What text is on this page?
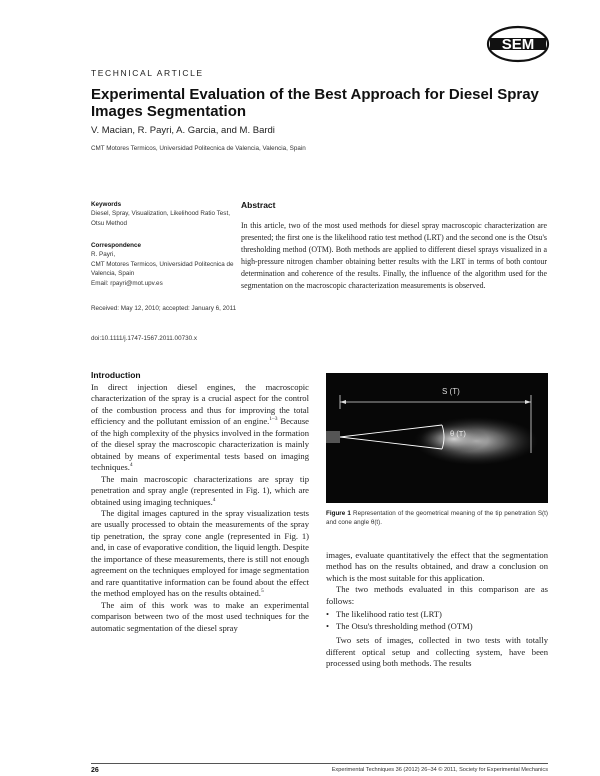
SEM
TECHNICAL ARTICLE
Experimental Evaluation of the Best Approach for Diesel Spray Images Segmentation
V. Macian, R. Payri, A. Garcia, and M. Bardi
CMT Motores Termicos, Universidad Politecnica de Valencia, Valencia, Spain
Keywords
Diesel, Spray, Visualization, Likelihood Ratio Test, Otsu Method
Correspondence
R. Payri,
CMT Motores Termicos, Universidad Politecnica de Valencia, Spain
Email: rpayri@mot.upv.es
Received: May 12, 2010; accepted: January 6, 2011
doi:10.1111/j.1747-1567.2011.00730.x
Abstract
In this article, two of the most used methods for diesel spray macroscopic characterization are presented; the first one is the likelihood ratio test method (LRT) and the second one is the Otsu's thresholding method (OTM). Both methods are applied to different diesel sprays visualized in a high-pressure nitrogen chamber obtaining better results with the LRT in terms of both contour determination and coherence of the results. Finally, the influence of the algorithm used for the segmentation on the macroscopic characterization measurements is observed.
Introduction

In direct injection diesel engines, the macroscopic characterization of the spray is a crucial aspect for the control of the combustion process and thus for improving the total efficiency and the pollutant emission of an engine.$^{1-3}$ Because of the high complexity of the physics involved in the formation of the diesel spray the macroscopic characterization is mainly obtained by means of experimental tests based on imaging techniques.$^4$

The main macroscopic characterizations are spray tip penetration and spray angle (represented in Fig. 1), which are obtained using imaging techniques.$^4$

The digital images captured in the spray visualization tests are usually processed to obtain the measurements of the spray tip penetration, the spray cone angle (represented in Fig. 1) and, in case of evaporative condition, the liquid length. Despite the importance of these measurements, there is still not enough agreement on the techniques employed for image segmentation and rare quantitative information can be found about the effect the method employed has on the results obtained.$^5$

The aim of this work was to make an experimental comparison between two of the most used techniques for the automatic segmentation of the diesel spray

S (T)
θ (T)
Figure 1 Representation of the geometrical meaning of the tip penetration S(t) and cone angle θ(t).

images, evaluate quantitatively the effect that the segmentation method has on the results obtained, and draw a conclusion on which is the most suitable for this application.

The two methods evaluated in this comparison are as follows:

• The likelihood ratio test (LRT)
• The Otsu's thresholding method (OTM)

Two sets of images, collected in two tests with totally different optical setup and collecting system, have been processed using both methods. The results

26	Experimental Techniques 36 (2012) 26–34 © 2011, Society for Experimental Mechanics
